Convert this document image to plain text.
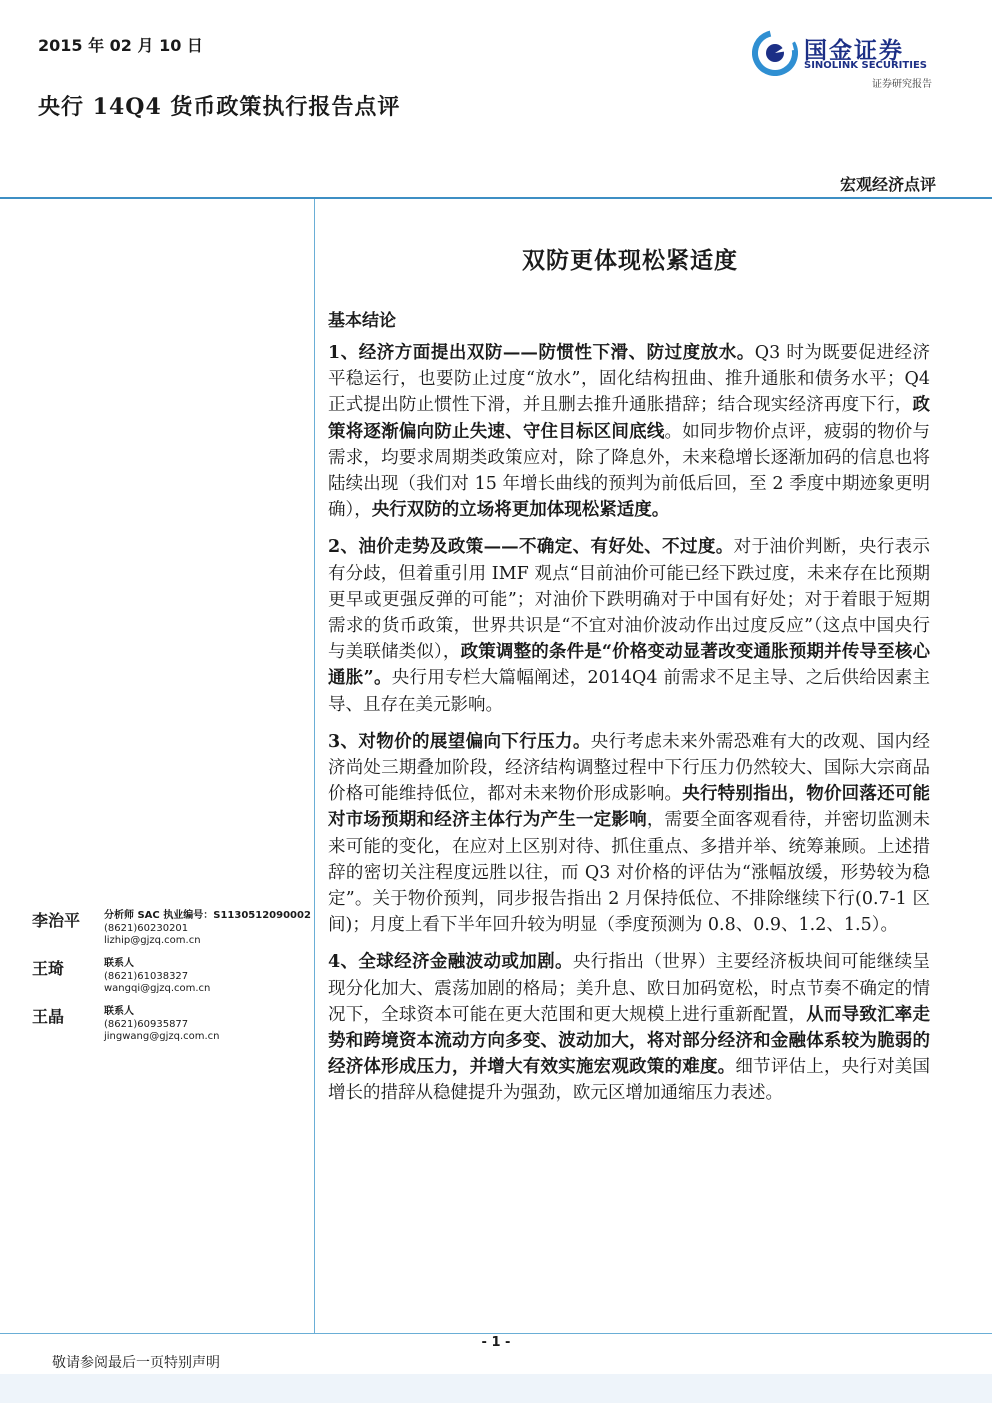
2015 年 02 月 10 日
央行 14Q4 货币政策执行报告点评
国金证券
SINOLINK SECURITIES
证券研究报告
宏观经济点评
双防更体现松紧适度
基本结论

1、经济方面提出双防——防惯性下滑、防过度放水。Q3 时为既要促进经济平稳运行，也要防止过度“放水”，固化结构扭曲、推升通胀和债务水平；Q4 正式提出防止惯性下滑，并且删去推升通胀措辞；结合现实经济再度下行，政策将逐渐偏向防止失速、守住目标区间底线。如同步物价点评，疲弱的物价与需求，均要求周期类政策应对，除了降息外，未来稳增长逐渐加码的信息也将陆续出现（我们对 15 年增长曲线的预判为前低后回，至 2 季度中期迹象更明确），央行双防的立场将更加体现松紧适度。

2、油价走势及政策——不确定、有好处、不过度。对于油价判断，央行表示有分歧，但着重引用 IMF 观点“目前油价可能已经下跌过度，未来存在比预期更早或更强反弹的可能”；对油价下跌明确对于中国有好处；对于着眼于短期需求的货币政策，世界共识是“不宜对油价波动作出过度反应”（这点中国央行与美联储类似），政策调整的条件是“价格变动显著改变通胀预期并传导至核心通胀”。央行用专栏大篇幅阐述，2014Q4 前需求不足主导、之后供给因素主导、且存在美元影响。

3、对物价的展望偏向下行压力。央行考虑未来外需恐难有大的改观、国内经济尚处三期叠加阶段，经济结构调整过程中下行压力仍然较大、国际大宗商品价格可能维持低位，都对未来物价形成影响。央行特别指出，物价回落还可能对市场预期和经济主体行为产生一定影响，需要全面客观看待，并密切监测未来可能的变化，在应对上区别对待、抓住重点、多措并举、统筹兼顾。上述措辞的密切关注程度远胜以往，而 Q3 对价格的评估为“涨幅放缓，形势较为稳定”。关于物价预判，同步报告指出 2 月保持低位、不排除继续下行(0.7-1 区间)；月度上看下半年回升较为明显（季度预测为 0.8、0.9、1.2、1.5）。

4、全球经济金融波动或加剧。央行指出（世界）主要经济板块间可能继续呈现分化加大、震荡加剧的格局；美升息、欧日加码宽松，时点节奏不确定的情况下，全球资本可能在更大范围和更大规模上进行重新配置，从而导致汇率走势和跨境资本流动方向多变、波动加大，将对部分经济和金融体系较为脆弱的经济体形成压力，并增大有效实施宏观政策的难度。细节评估上，央行对美国增长的措辞从稳健提升为强劲，欧元区增加通缩压力表述。

李治平 分析师 SAC 执业编号：S1130512090002
(8621)60230201
lizhip@gjzq.com.cn
王琦	联系人
(8621)61038327
wangqi@gjzq.com.cn
王晶	联系人
(8621)60935877
jingwang@gjzq.com.cn
- 1 -
敬请参阅最后一页特别声明
